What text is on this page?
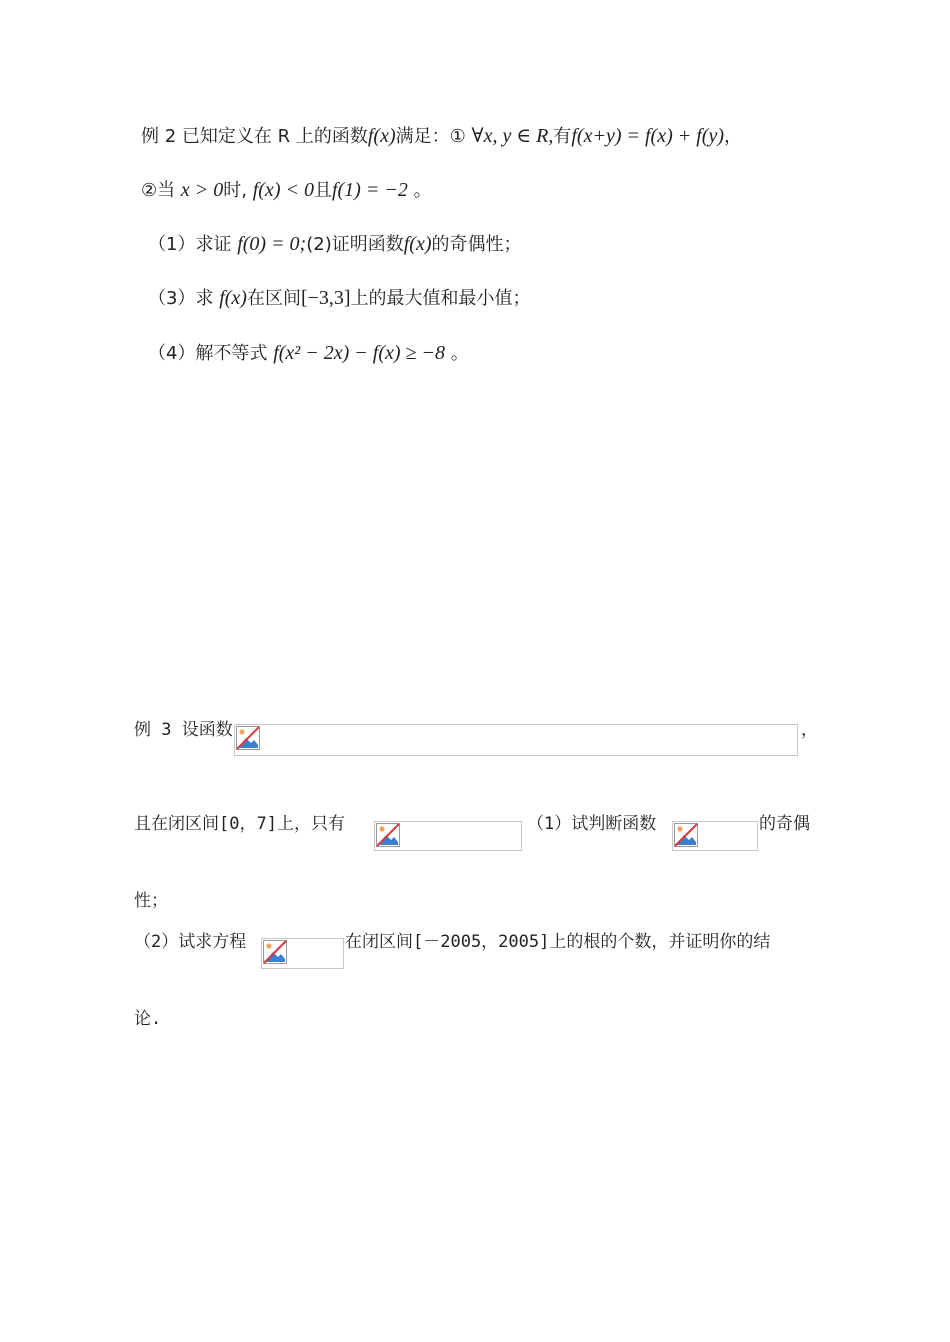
例 2 已知定义在 R 上的函数f(x)满足：① ∀x, y ∈ R,有f(x+y) = f(x) + f(y)，
②当 x > 0时, f(x) < 0且f(1) = −2 。
（1）求证 f(0) = 0;(2)证明函数f(x)的奇偶性；
（3）求 f(x)在区间[−3,3]上的最大值和最小值；
（4）解不等式 f(x² − 2x) − f(x) ≥ −8 。
例 3 设函数	，
且在闭区间[0，7]上，只有	（1）试判断函数	的奇偶
性；
（2）试求方程	在闭区间[－2005，2005]上的根的个数，并证明你的结
论.
